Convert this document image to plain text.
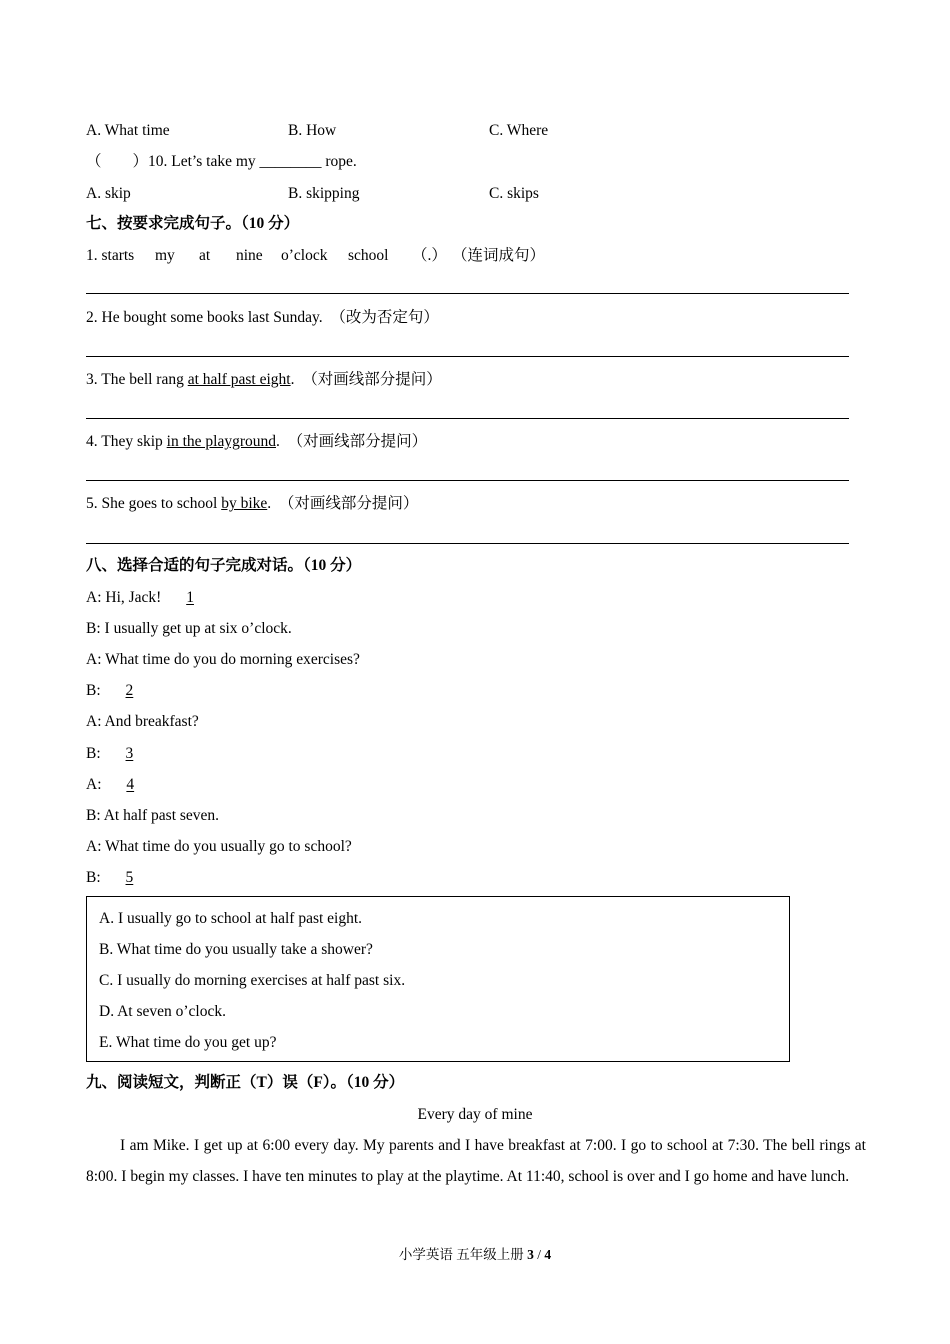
A. What time	B. How	C. Where
（　　）10. Let’s take my ________ rope.
A. skip	B. skipping	C. skips
七、按要求完成句子。（10 分）
1. starts my at nine o’clock school （.） （连词成句）
2. He bought some books last Sunday. （改为否定句）
3. The bell rang at half past eight. （对画线部分提问）
4. They skip in the playground. （对画线部分提问）
5. She goes to school by bike. （对画线部分提问）
八、选择合适的句子完成对话。（10 分）
A: Hi, Jack! 1
B: I usually get up at six o’clock.
A: What time do you do morning exercises?
B: 2
A: And breakfast?
B: 3
A: 4
B: At half past seven.
A: What time do you usually go to school?
B: 5
A. I usually go to school at half past eight.
B. What time do you usually take a shower?
C. I usually do morning exercises at half past six.
D. At seven o’clock.
E. What time do you get up?
九、阅读短文，判断正（T）误（F）。（10 分）
Every day of mine
I am Mike. I get up at 6:00 every day. My parents and I have breakfast at 7:00. I go to school at 7:30. The bell rings at 8:00. I begin my classes. I have ten minutes to play at the playtime. At 11:40, school is over and I go home and have lunch.
小学英语 五年级上册 3 / 4
